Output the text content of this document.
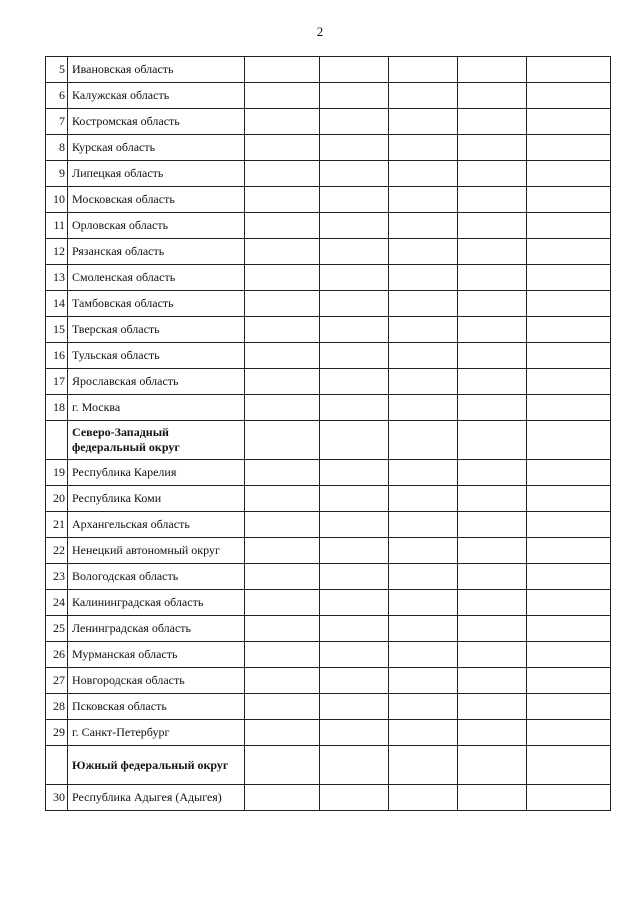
2
5	Ивановская область					
6	Калужская область					
7	Костромская область					
8	Курская область					
9	Липецкая область					
10	Московская область					
11	Орловская область					
12	Рязанская область					
13	Смоленская область					
14	Тамбовская область					
15	Тверская область					
16	Тульская область					
17	Ярославская область					
18	г. Москва					
	Северо-Западный федеральный округ					
19	Республика Карелия					
20	Республика Коми					
21	Архангельская область					
22	Ненецкий автономный округ					
23	Вологодская область					
24	Калининградская область					
25	Ленинградская область					
26	Мурманская область					
27	Новгородская область					
28	Псковская область					
29	г. Санкт-Петербург					
	Южный федеральный округ					
30	Республика Адыгея (Адыгея)					
